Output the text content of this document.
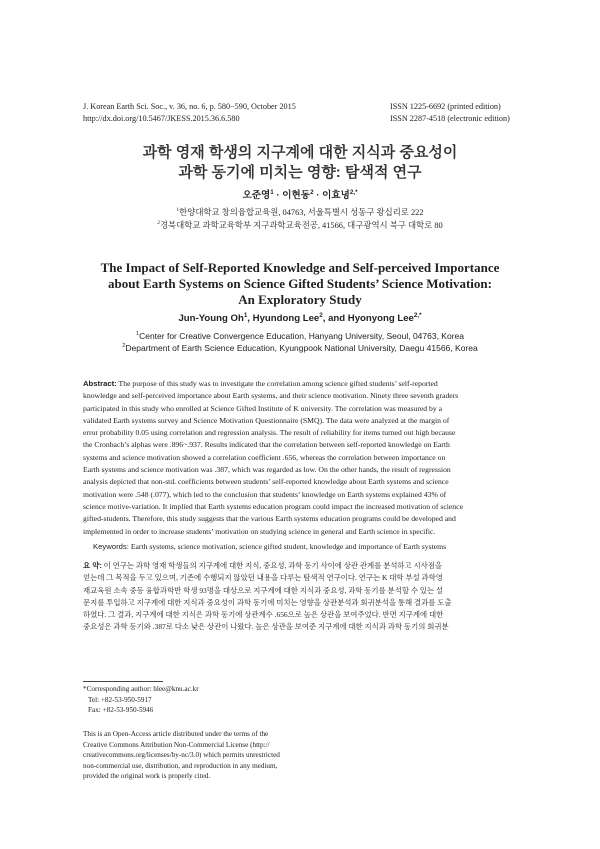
J. Korean Earth Sci. Soc., v. 36, no. 6, p. 580−590, October 2015
http://dx.doi.org/10.5467/JKESS.2015.36.6.580
ISSN 1225-6692 (printed edition)
ISSN 2287-4518 (electronic edition)
과학 영재 학생의 지구계에 대한 지식과 중요성이
과학 동기에 미치는 영향: 탐색적 연구
오준영$^1$ · 이현동$^2$ · 이효녕$^{2,*}$
$^1$한양대학교 창의융합교육원, 04763, 서울특별시 성동구 왕십리로 222
$^2$경북대학교 과학교육학부 지구과학교육전공, 41566, 대구광역시 북구 대학로 80
The Impact of Self-Reported Knowledge and Self-perceived Importance
about Earth Systems on Science Gifted Students’ Science Motivation:
An Exploratory Study
Jun-Young Oh$^1$, Hyundong Lee$^2$, and Hyonyong Lee$^{2,*}$
$^1$Center for Creative Convergence Education, Hanyang University, Seoul, 04763, Korea
$^2$Department of Earth Science Education, Kyungpook National University, Daegu 41566, Korea
Abstract: The purpose of this study was to investigate the correlation among science gifted students’ self-reported
knowledge and self-perceived importance about Earth systems, and their science motivation. Ninety three seventh graders
participated in this study who enrolled at Science Gifted Institute of K university. The correlation was measured by a
validated Earth systems survey and Science Motivation Questionnaire (SMQ). The data were analyzed at the margin of
error probability 0.05 using correlation and regression analysis. The result of reliability for items turned out high because
the Cronbach’s alphas were .896~.937. Results indicated that the correlation between self-reported knowledge on Earth
systems and science motivation showed a correlation coefficient .656, whereas the correlation between importance on
Earth systems and science motivation was .387, which was regarded as low. On the other hands, the result of regression
analysis depicted that non-std. coefficients between students’ self-reported knowledge about Earth systems and science
motivation were .548 (.077), which led to the conclusion that students’ knowledge on Earth systems explained 43% of
science motive-variation. It implied that Earth systems education program could impact the increased motivation of science
gifted-students. Therefore, this study suggests that the various Earth systems education programs could be developed and
implemented in order to increase students’ motivation on studying science in general and Earth science in specific.
Keywords: Earth systems, science motivation, science gifted student, knowledge and importance of Earth systems
요 약: 이 연구는 과학 영재 학생들의 지구계에 대한 지식, 중요성, 과학 동기 사이에 상관 관계를 분석하고 시사점을
얻는데 그 목적을 두고 있으며, 기존에 수행되지 않았던 내용을 다루는 탐색적 연구이다. 연구는 K 대학 부설 과학영
재교육원 소속 중등 융합과학반 학생 93명을 대상으로 지구계에 대한 지식과 중요성, 과학 동기를 분석할 수 있는 설
문지를 투입하고 지구계에 대한 지식과 중요성이 과학 동기에 미치는 영향을 상관분석과 회귀분석을 통해 결과를 도출
하였다. 그 결과, 지구계에 대한 지식은 과학 동기에 상관계수 .656으로 높은 상관을 보여주었다. 반면 지구계에 대한
중요성은 과학 동기와 .387로 다소 낮은 상관이 나왔다. 높은 상관을 보여준 지구계에 대한 지식과 과학 동기의 회귀분
*Corresponding author: hlee@knu.ac.kr
Tel: +82-53-950-5917
Fax: +82-53-950-5946
This is an Open-Access article distributed under the terms of the
Creative Commons Attribution Non-Commercial License (http://
creativecommons.org/licenses/by-nc/3.0) which permits unrestricted
non-commercial use, distribution, and reproduction in any medium,
provided the original work is properly cited.
